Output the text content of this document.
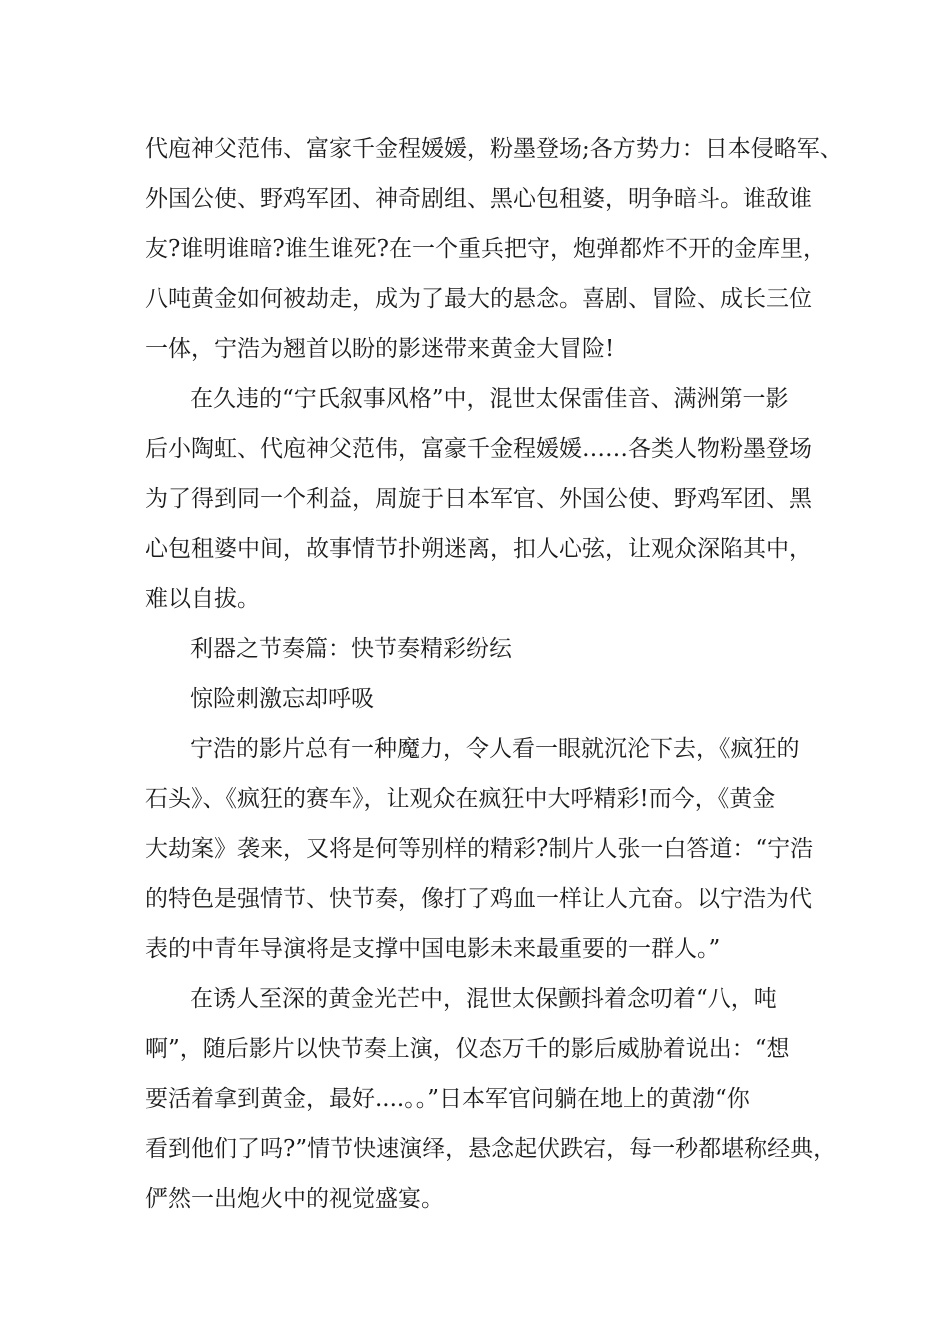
代庖神父范伟、富家千金程媛媛，粉墨登场;各方势力：日本侵略军、
外国公使、野鸡军团、神奇剧组、黑心包租婆，明争暗斗。谁敌谁
友?谁明谁暗?谁生谁死?在一个重兵把守，炮弹都炸不开的金库里，
八吨黄金如何被劫走，成为了最大的悬念。喜剧、冒险、成长三位
一体，宁浩为翘首以盼的影迷带来黄金大冒险!
在久违的“宁氏叙事风格”中，混世太保雷佳音、满洲第一影
后小陶虹、代庖神父范伟，富豪千金程媛媛……各类人物粉墨登场
为了得到同一个利益，周旋于日本军官、外国公使、野鸡军团、黑
心包租婆中间，故事情节扑朔迷离，扣人心弦，让观众深陷其中，
难以自拔。
利器之节奏篇：快节奏精彩纷纭
惊险刺激忘却呼吸
宁浩的影片总有一种魔力，令人看一眼就沉沦下去，《疯狂的
石头》、《疯狂的赛车》，让观众在疯狂中大呼精彩!而今，《黄金
大劫案》袭来，又将是何等别样的精彩?制片人张一白答道：“宁浩
的特色是强情节、快节奏，像打了鸡血一样让人亢奋。以宁浩为代
表的中青年导演将是支撑中国电影未来最重要的一群人。”
在诱人至深的黄金光芒中，混世太保颤抖着念叨着“八，吨
啊”，随后影片以快节奏上演，仪态万千的影后威胁着说出：“想
要活着拿到黄金，最好....。。”日本军官问躺在地上的黄渤“你
看到他们了吗?”情节快速演绎，悬念起伏跌宕，每一秒都堪称经典，
俨然一出炮火中的视觉盛宴。
